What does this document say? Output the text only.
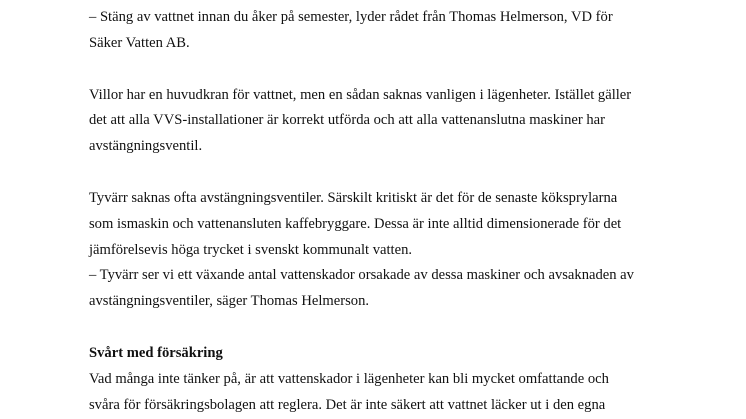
– Stäng av vattnet innan du åker på semester, lyder rådet från Thomas Helmerson, VD för
Säker Vatten AB.

Villor har en huvudkran för vattnet, men en sådan saknas vanligen i lägenheter. Istället gäller
det att alla VVS-installationer är korrekt utförda och att alla vattenanslutna maskiner har
avstängningsventil.

Tyvärr saknas ofta avstängningsventiler. Särskilt kritiskt är det för de senaste köksprylarna
som ismaskin och vattenansluten kaffebryggare. Dessa är inte alltid dimensionerade för det
jämförelsevis höga trycket i svenskt kommunalt vatten.
– Tyvärr ser vi ett växande antal vattenskador orsakade av dessa maskiner och avsaknaden av
avstängningsventiler, säger Thomas Helmerson.

Svårt med försäkring

Vad många inte tänker på, är att vattenskador i lägenheter kan bli mycket omfattande och
svåra för försäkringsbolagen att reglera. Det är inte säkert att vattnet läcker ut i den egna
